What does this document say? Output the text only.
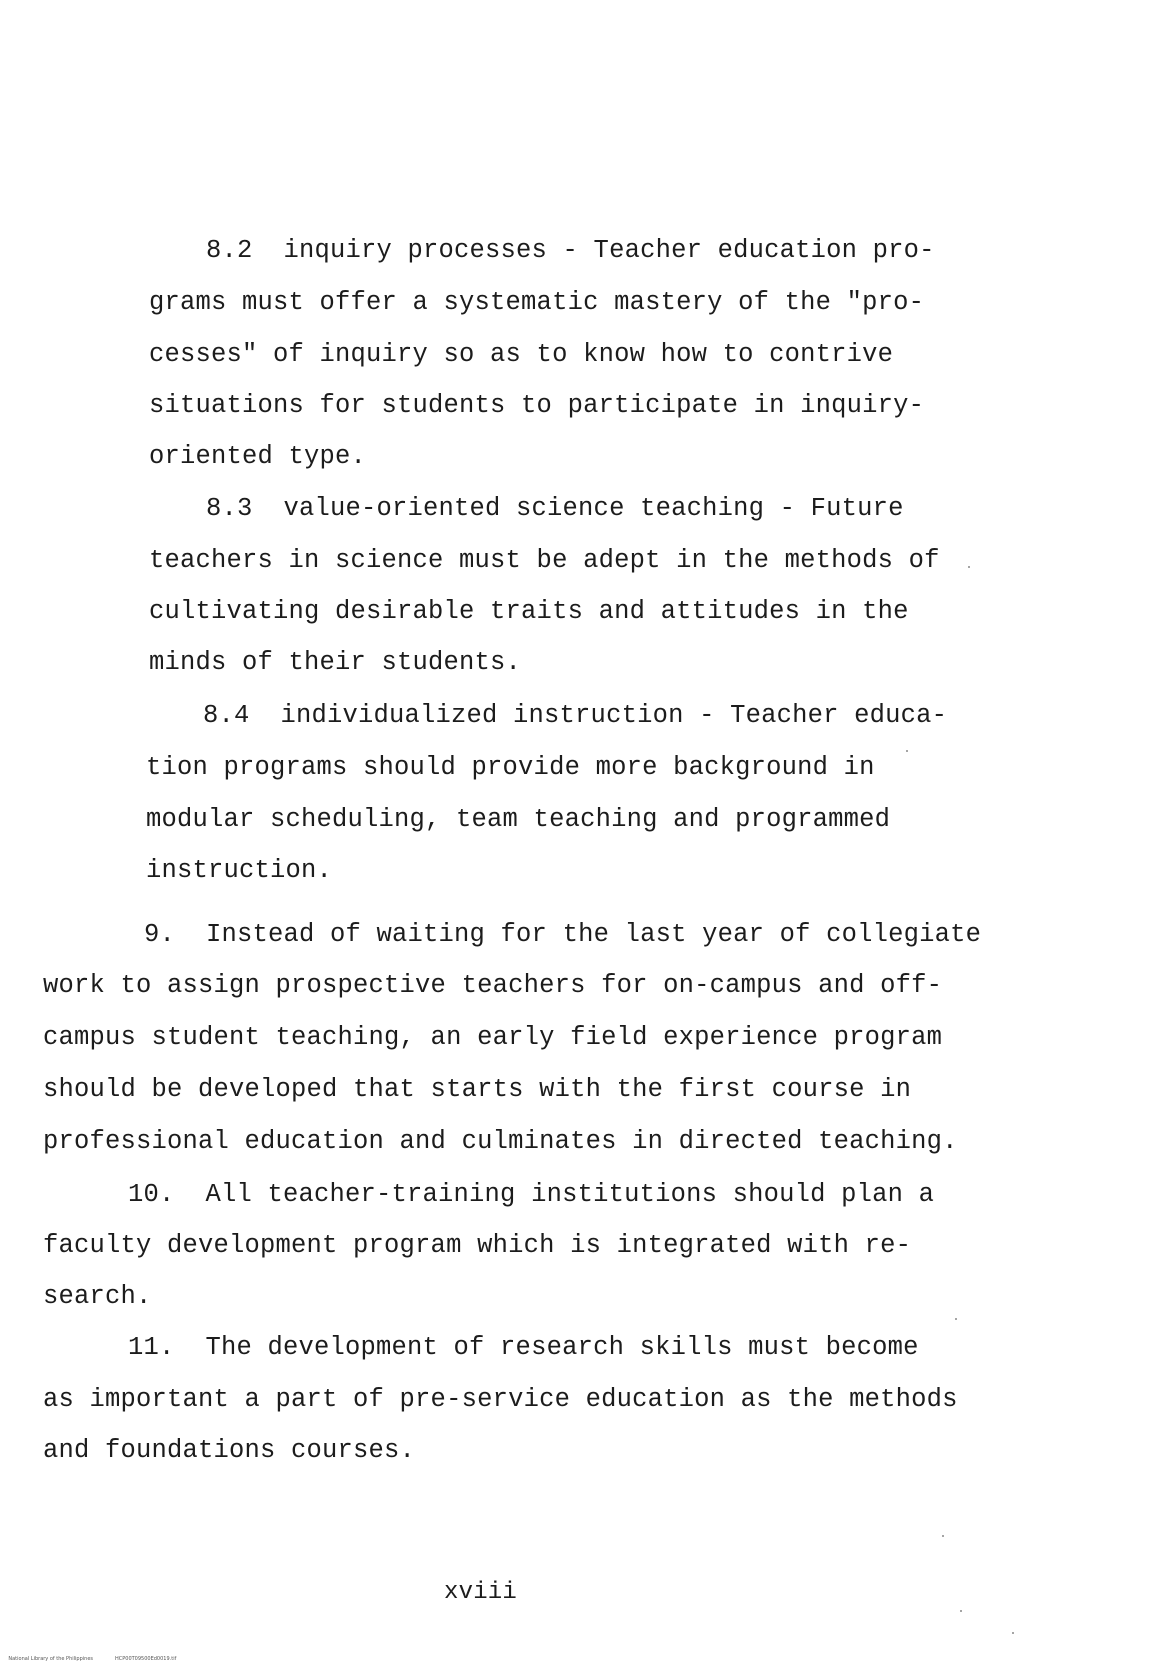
8.2  inquiry processes - Teacher education pro-
grams must offer a systematic mastery of the "pro-
cesses" of inquiry so as to know how to contrive
situations for students to participate in inquiry-
oriented type.
8.3  value-oriented science teaching - Future
teachers in science must be adept in the methods of
cultivating desirable traits and attitudes in the
minds of their students.
8.4  individualized instruction - Teacher educa-
tion programs should provide more background in
modular scheduling, team teaching and programmed
instruction.
9.  Instead of waiting for the last year of collegiate
work to assign prospective teachers for on-campus and off-
campus student teaching, an early field experience program
should be developed that starts with the first course in
professional education and culminates in directed teaching.
10.  All teacher-training institutions should plan a
faculty development program which is integrated with re-
search.
11.  The development of research skills must become
as important a part of pre-service education as the methods
and foundations courses.
xviii

National Library of the Philippines	HCP00T09500Ed0019.tif
